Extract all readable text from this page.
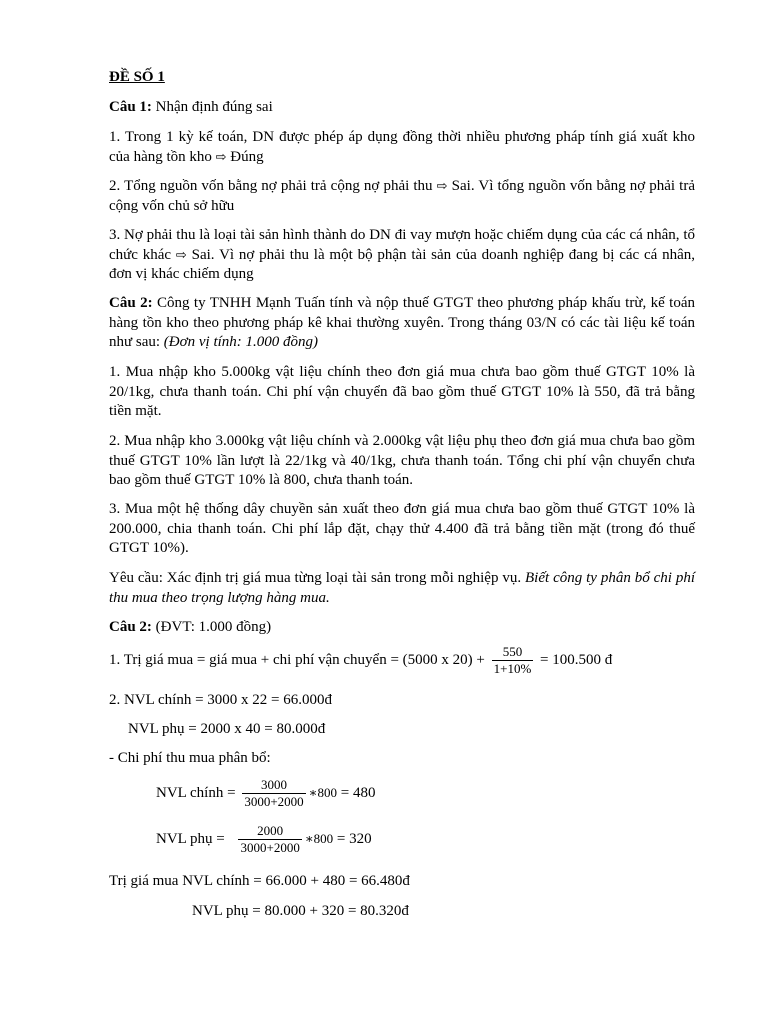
ĐỀ SỐ 1
Câu 1: Nhận định đúng sai
1. Trong 1 kỳ kế toán, DN được phép áp dụng đồng thời nhiều phương pháp tính giá xuất kho của hàng tồn kho ⇨ Đúng
2. Tổng nguồn vốn bằng nợ phải trả cộng nợ phải thu ⇨ Sai. Vì tổng nguồn vốn bằng nợ phải trả cộng vốn chủ sở hữu
3. Nợ phải thu là loại tài sản hình thành do DN đi vay mượn hoặc chiếm dụng của các cá nhân, tổ chức khác ⇨ Sai. Vì nợ phải thu là một bộ phận tài sản của doanh nghiệp đang bị các cá nhân, đơn vị khác chiếm dụng
Câu 2: Công ty TNHH Mạnh Tuấn tính và nộp thuế GTGT theo phương pháp khấu trừ, kế toán hàng tồn kho theo phương pháp kê khai thường xuyên. Trong tháng 03/N có các tài liệu kế toán như sau: (Đơn vị tính: 1.000 đồng)
1. Mua nhập kho 5.000kg vật liệu chính theo đơn giá mua chưa bao gồm thuế GTGT 10% là 20/1kg, chưa thanh toán. Chi phí vận chuyển đã bao gồm thuế GTGT 10% là 550, đã trả bằng tiền mặt.
2. Mua nhập kho 3.000kg vật liệu chính và 2.000kg vật liệu phụ theo đơn giá mua chưa bao gồm thuế GTGT 10% lần lượt là 22/1kg và 40/1kg, chưa thanh toán. Tổng chi phí vận chuyển chưa bao gồm thuế GTGT 10% là 800, chưa thanh toán.
3. Mua một hệ thống dây chuyền sản xuất theo đơn giá mua chưa bao gồm thuế GTGT 10% là 200.000, chia thanh toán. Chi phí lắp đặt, chạy thử 4.400 đã trả bằng tiền mặt (trong đó thuế GTGT 10%).
Yêu cầu: Xác định trị giá mua từng loại tài sản trong mỗi nghiệp vụ. Biết công ty phân bổ chi phí thu mua theo trọng lượng hàng mua.
Câu 2: (ĐVT: 1.000 đồng)
1. Trị giá mua = giá mua + chi phí vận chuyển = (5000 x $20) + \frac{550}{1+10\%} = 100.500$ đ
2. NVL chính = 3000 x 22 = 66.000đ
NVL phụ = 2000 x 40 = 80.000đ
- Chi phí thu mua phân bổ:
NVL chính = $\frac{3000}{3000+2000}$ ∗800 = 480
NVL phụ = $\frac{2000}{3000+2000}$ ∗800 = 320
Trị giá mua NVL chính = 66.000 + 480 = 66.480đ
NVL phụ = 80.000 + 320 = 80.320đ
